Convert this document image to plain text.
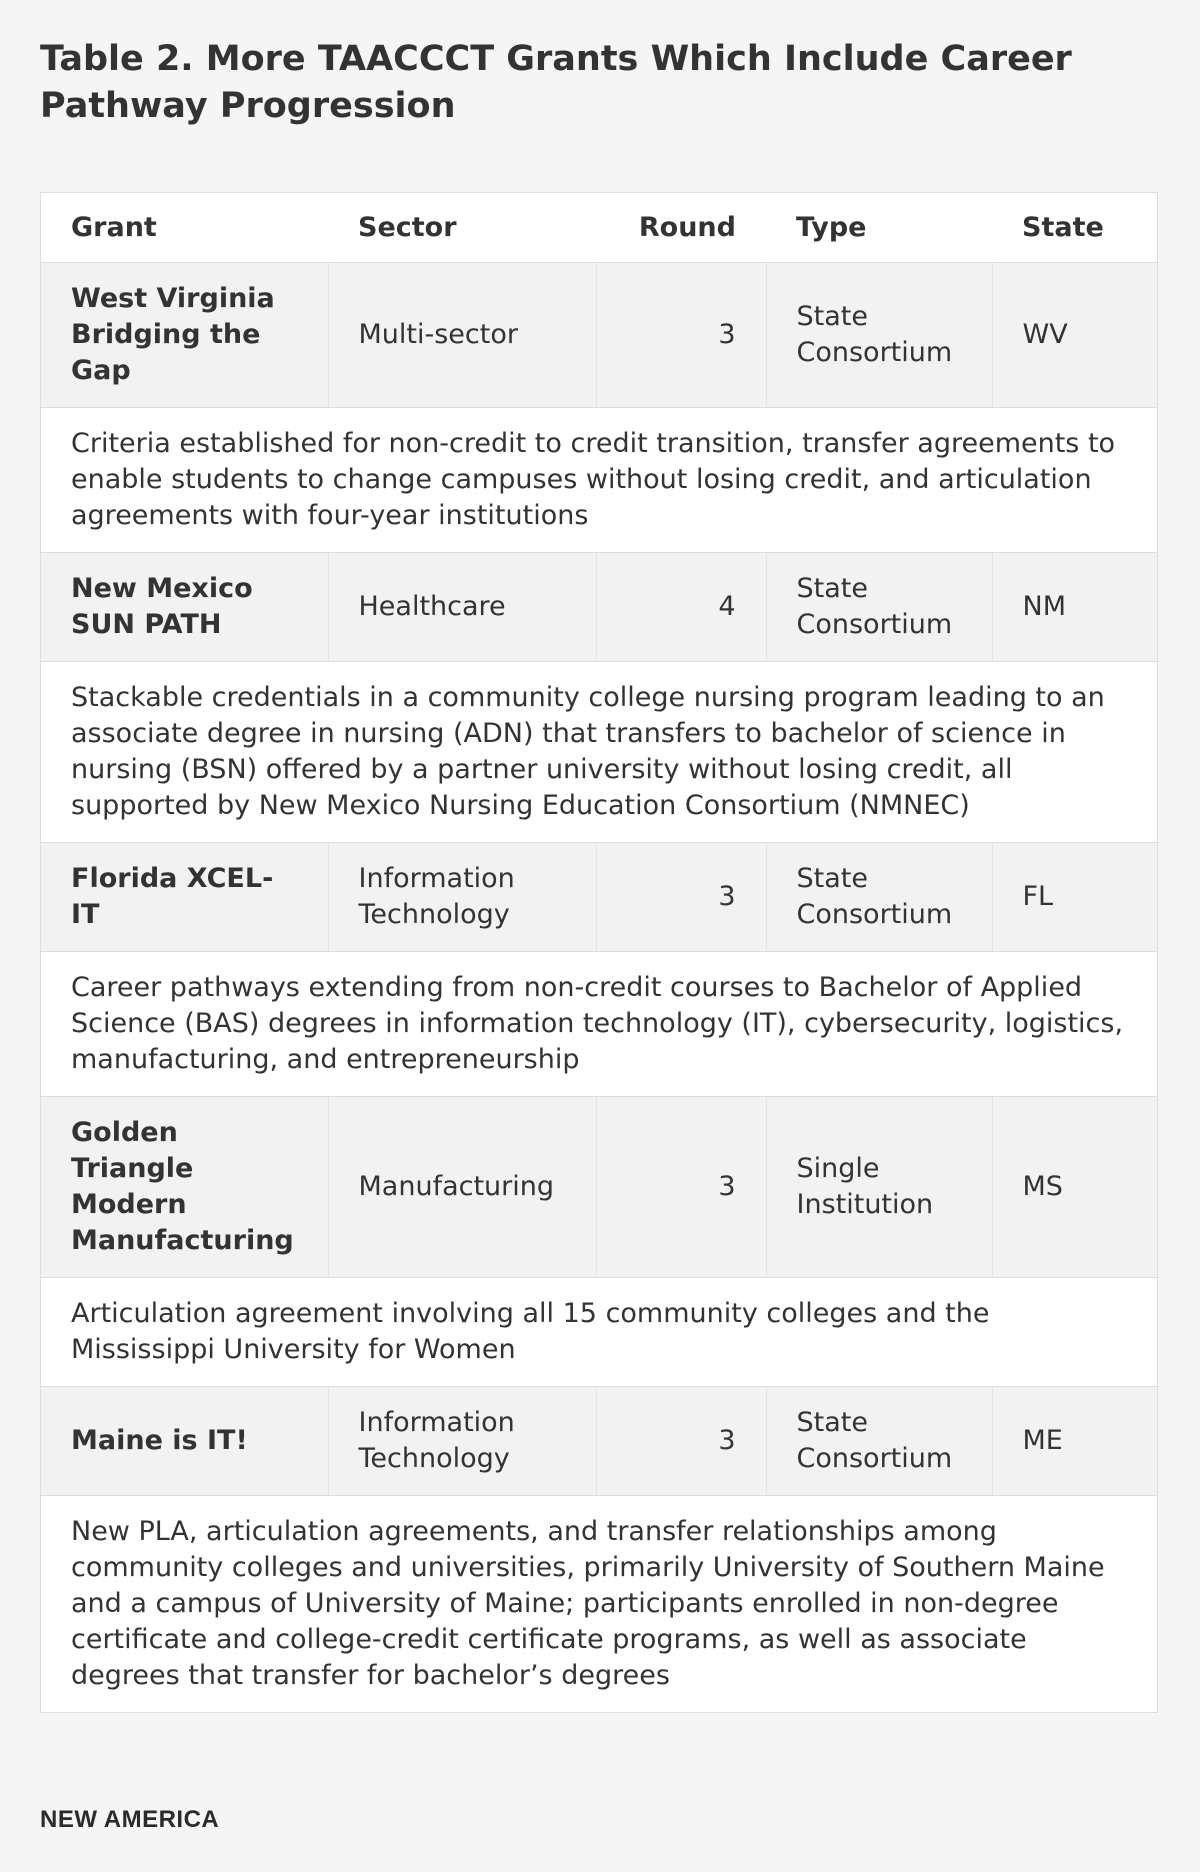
Table 2. More TAACCCT Grants Which Include Career Pathway Progression
Grant	Sector	Round	Type	State
West Virginia Bridging the Gap	Multi-sector	3	State Consortium	WV
Criteria established for non-credit to credit transition, transfer agreements to enable students to change campuses without losing credit, and articulation agreements with four-year institutions				
New Mexico SUN PATH	Healthcare	4	State Consortium	NM
Stackable credentials in a community college nursing program leading to an associate degree in nursing (ADN) that transfers to bachelor of science in nursing (BSN) offered by a partner university without losing credit, all supported by New Mexico Nursing Education Consortium (NMNEC)				
Florida XCEL-IT	Information Technology	3	State Consortium	FL
Career pathways extending from non-credit courses to Bachelor of Applied Science (BAS) degrees in information technology (IT), cybersecurity, logistics, manufacturing, and entrepreneurship				
Golden Triangle Modern Manufacturing	Manufacturing	3	Single Institution	MS
Articulation agreement involving all 15 community colleges and the Mississippi University for Women				
Maine is IT!	Information Technology	3	State Consortium	ME
New PLA, articulation agreements, and transfer relationships among community colleges and universities, primarily University of Southern Maine and a campus of University of Maine; participants enrolled in non-degree certificate and college-credit certificate programs, as well as associate degrees that transfer for bachelor’s degrees				
NEW AMERICA
